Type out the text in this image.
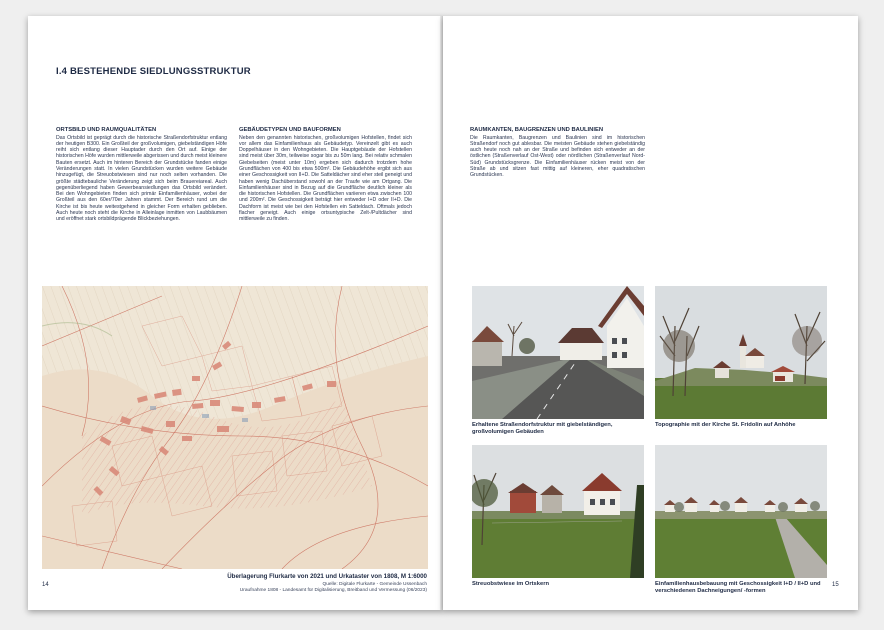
I.4 BESTEHENDE SIEDLUNGSSTRUKTUR
ORTSBILD UND RAUMQUALITÄTEN

Das Ortsbild ist geprägt durch die historische Straßendorfstruktur entlang der heutigen B300. Ein Großteil der großvolumigen, giebelständigen Höfe reiht sich entlang dieser Hauptader durch den Ort auf. Einige der historischen Höfe wurden mittlerweile abgerissen und durch meist kleinere Bauten ersetzt. Auch im hinteren Bereich der Grundstücke fanden einige Veränderungen statt. In vielen Grundstücken wurden weitere Gebäude hinzugefügt, die Streuobstwiesen sind nur noch selten vorhanden. Die größte städtebauliche Veränderung zeigt sich beim Brauereiareal. Auch gegenüberliegend haben Gewerbeansiedlungen das Ortsbild verändert. Bei den Wohngebieten finden sich primär Einfamilienhäuser, wobei der Großteil aus den 60er/70er Jahren stammt. Der Bereich rund um die Kirche ist bis heute weitestgehend in gleicher Form erhalten geblieben. Auch heute noch steht die Kirche in Alleinlage inmitten von Laubbäumen und eröffnet stark ortsbildprägende Blickbeziehungen.

GEBÄUDETYPEN UND BAUFORMEN

Neben den genannten historischen, großvolumigen Hofstellen, findet sich vor allem das Einfamilienhaus als Gebäudetyp. Vereinzelt gibt es auch Doppelhäuser in den Wohngebieten. Die Hauptgebäude der Hofstellen sind meist über 30m, teilweise sogar bis zu 50m lang. Bei relativ schmalen Giebelseiten (meist unter 10m) ergeben sich dadurch trotzdem hohe Grundflächen von 400 bis etwa 500m². Die Gebäudehöhe ergibt sich aus einer Geschossigkeit von II+D. Die Satteldächer sind eher steil geneigt und haben wenig Dachüberstand sowohl an der Traufe wie am Ortgang. Die Einfamilienhäuser sind in Bezug auf die Grundfläche deutlich kleiner als die historischen Hofstellen. Die Grundflächen variieren etwa zwischen 100 und 200m². Die Geschossigkeit beträgt hier entweder I+D oder II+D. Die Dachform ist meist wie bei den Hofstellen ein Satteldach. Oftmals jedoch flacher geneigt. Auch einige ortsuntypische Zelt-/Pultdächer sind mittlerweile zu finden.

Überlagerung Flurkarte von 2021 und Urkataster von 1808, M 1:6000
Quelle: Digitale Flurkarte - Gemeinde Ussenbach
Uraufnahme 1808 - Landesamt für Digitalisierung, Breitband und Vermessung (06/2023)
14
RAUMKANTEN, BAUGRENZEN UND BAULINIEN

Die Raumkanten, Baugrenzen und Baulinien sind im historischen Straßendorf noch gut ablesbar. Die meisten Gebäude stehen giebelständig auch heute noch nah an der Straße und befinden sich entweder an der östlichen (Straßenverlauf Ost-West) oder nördlichen (Straßenverlauf Nord- Süd) Grundstücksgrenze. Die Einfamilienhäuser rücken meist von der Straße ab und sitzen fast mittig auf kleineren, eher quadratischen Grundstücken.

Erhaltene Straßendorfstruktur mit giebelständigen, großvolumigen Gebäuden
Topographie mit der Kirche St. Fridolin auf Anhöhe
Streuobstwiese im Ortskern	Einfamilienhausbebauung mit Geschossigkeit I+D / II+D und verschiedenen Dachneigungen/ -formen
15
